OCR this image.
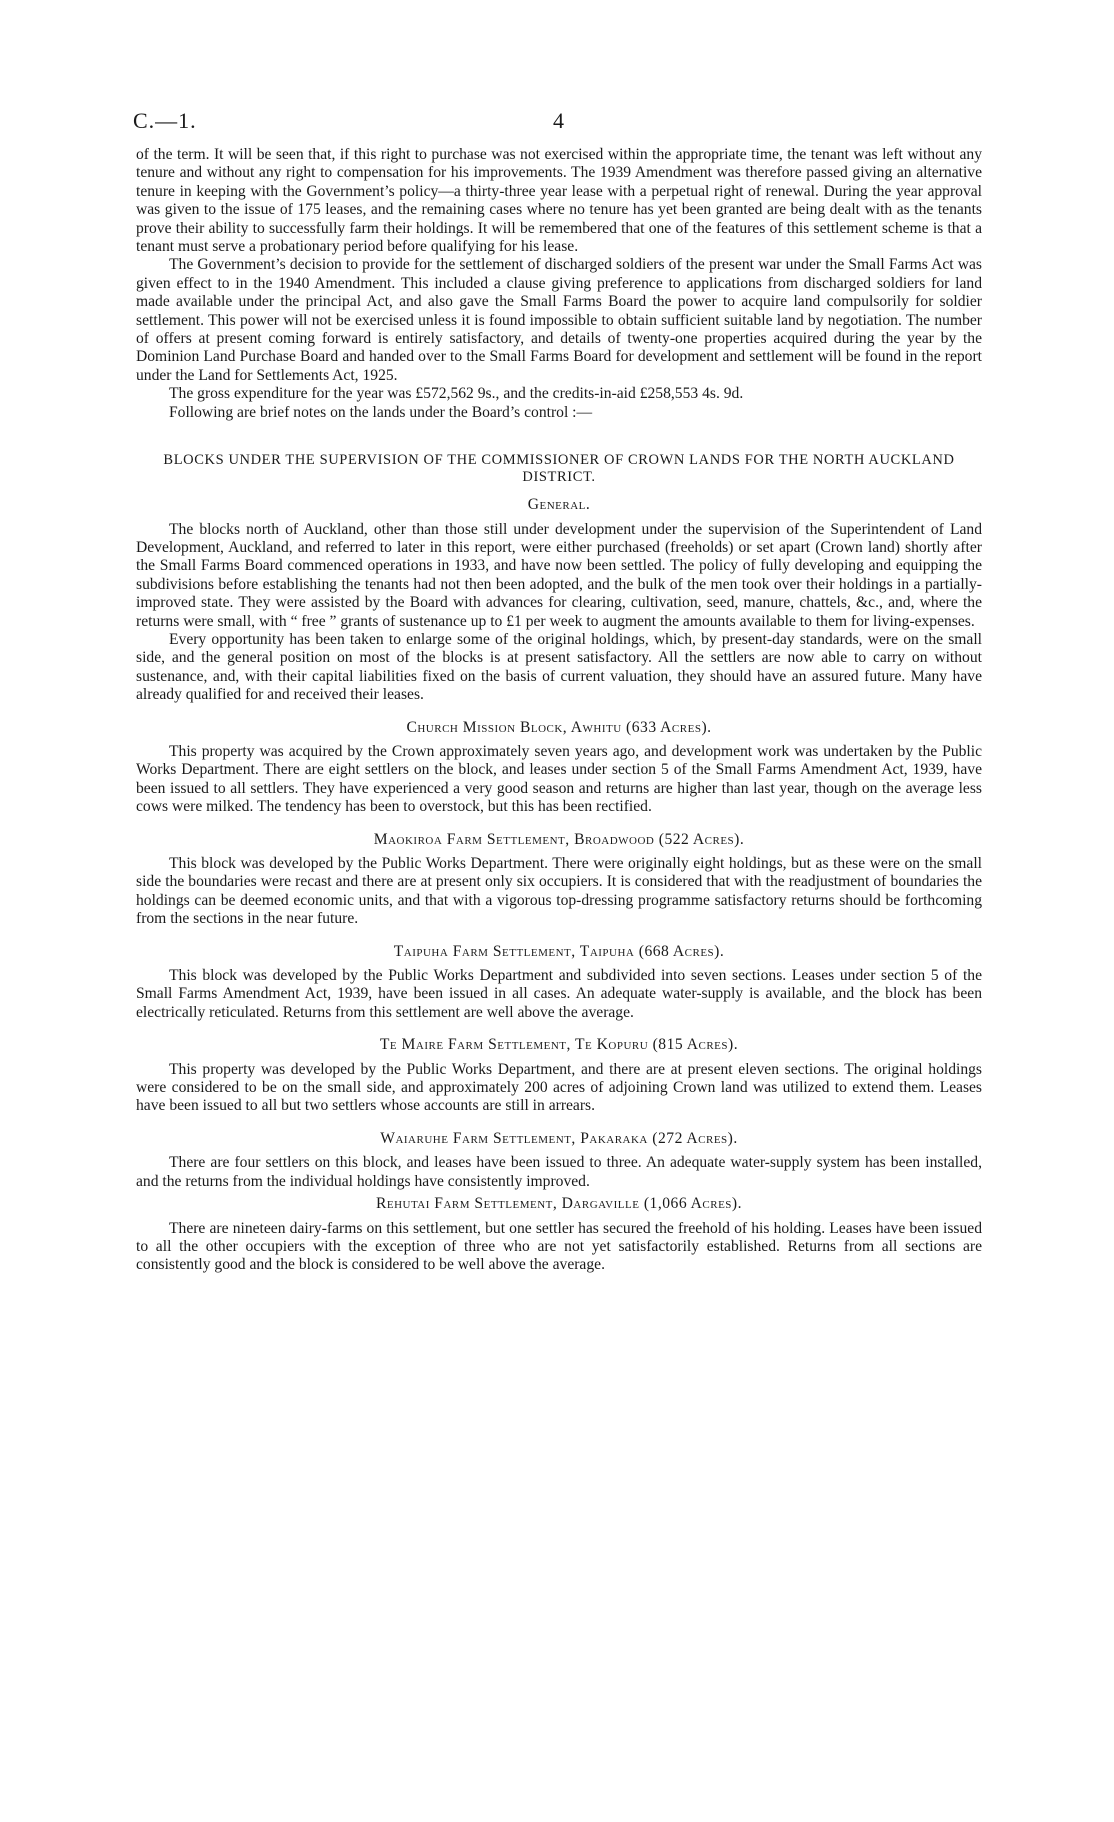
C.—1.	4

of the term. It will be seen that, if this right to purchase was not exercised within the appropriate time, the tenant was left without any tenure and without any right to compensation for his improvements. The 1939 Amendment was therefore passed giving an alternative tenure in keeping with the Government’s policy—a thirty-three year lease with a perpetual right of renewal. During the year approval was given to the issue of 175 leases, and the remaining cases where no tenure has yet been granted are being dealt with as the tenants prove their ability to successfully farm their holdings. It will be remembered that one of the features of this settlement scheme is that a tenant must serve a probationary period before qualifying for his lease.

The Government’s decision to provide for the settlement of discharged soldiers of the present war under the Small Farms Act was given effect to in the 1940 Amendment. This included a clause giving preference to applications from discharged soldiers for land made available under the principal Act, and also gave the Small Farms Board the power to acquire land compulsorily for soldier settlement. This power will not be exercised unless it is found impossible to obtain sufficient suitable land by negotiation. The number of offers at present coming forward is entirely satisfactory, and details of twenty-one properties acquired during the year by the Dominion Land Purchase Board and handed over to the Small Farms Board for development and settlement will be found in the report under the Land for Settlements Act, 1925.

The gross expenditure for the year was £572,562 9s., and the credits-in-aid £258,553 4s. 9d.

Following are brief notes on the lands under the Board’s control :—

BLOCKS UNDER THE SUPERVISION OF THE COMMISSIONER OF CROWN LANDS FOR THE NORTH AUCKLAND DISTRICT.
General.

The blocks north of Auckland, other than those still under development under the supervision of the Superintendent of Land Development, Auckland, and referred to later in this report, were either purchased (freeholds) or set apart (Crown land) shortly after the Small Farms Board commenced operations in 1933, and have now been settled. The policy of fully developing and equipping the subdivisions before establishing the tenants had not then been adopted, and the bulk of the men took over their holdings in a partially-improved state. They were assisted by the Board with advances for clearing, cultivation, seed, manure, chattels, &c., and, where the returns were small, with “ free ” grants of sustenance up to £1 per week to augment the amounts available to them for living-expenses.

Every opportunity has been taken to enlarge some of the original holdings, which, by present-day standards, were on the small side, and the general position on most of the blocks is at present satisfactory. All the settlers are now able to carry on without sustenance, and, with their capital liabilities fixed on the basis of current valuation, they should have an assured future. Many have already qualified for and received their leases.

Church Mission Block, Awhitu (633 Acres).

This property was acquired by the Crown approximately seven years ago, and development work was undertaken by the Public Works Department. There are eight settlers on the block, and leases under section 5 of the Small Farms Amendment Act, 1939, have been issued to all settlers. They have experienced a very good season and returns are higher than last year, though on the average less cows were milked. The tendency has been to overstock, but this has been rectified.

Maokiroa Farm Settlement, Broadwood (522 Acres).

This block was developed by the Public Works Department. There were originally eight holdings, but as these were on the small side the boundaries were recast and there are at present only six occupiers. It is considered that with the readjustment of boundaries the holdings can be deemed economic units, and that with a vigorous top-dressing programme satisfactory returns should be forthcoming from the sections in the near future.

Taipuha Farm Settlement, Taipuha (668 Acres).

This block was developed by the Public Works Department and subdivided into seven sections. Leases under section 5 of the Small Farms Amendment Act, 1939, have been issued in all cases. An adequate water-supply is available, and the block has been electrically reticulated. Returns from this settlement are well above the average.

Te Maire Farm Settlement, Te Kopuru (815 Acres).

This property was developed by the Public Works Department, and there are at present eleven sections. The original holdings were considered to be on the small side, and approximately 200 acres of adjoining Crown land was utilized to extend them. Leases have been issued to all but two settlers whose accounts are still in arrears.

Waiaruhe Farm Settlement, Pakaraka (272 Acres).

There are four settlers on this block, and leases have been issued to three. An adequate water-supply system has been installed, and the returns from the individual holdings have consistently improved.

Rehutai Farm Settlement, Dargaville (1,066 Acres).

There are nineteen dairy-farms on this settlement, but one settler has secured the freehold of his holding. Leases have been issued to all the other occupiers with the exception of three who are not yet satisfactorily established. Returns from all sections are consistently good and the block is considered to be well above the average.
